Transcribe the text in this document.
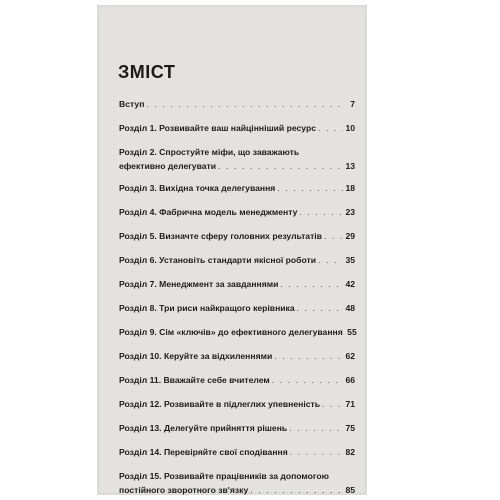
ЗМІСТ
Вступ . . .	7
Розділ 1. Розвивайте ваш найцінніший ресурс . . .	10
Розділ 2. Спростуйте міфи, що заважають
ефективно делегувати . . .	13
Розділ 3. Вихідна точка делегування . . .	18
Розділ 4. Фабрична модель менеджменту . . .	23
Розділ 5. Визначте сферу головних результатів . . .	29
Розділ 6. Установіть стандарти якісної роботи . . .	35
Розділ 7. Менеджмент за завданнями . . .	42
Розділ 8. Три риси найкращого керівника . . .	48
Розділ 9. Сім «ключів» до ефективного делегування 55
Розділ 10. Керуйте за відхиленнями . . .	62
Розділ 11. Вважайте себе вчителем . . .	66
Розділ 12. Розвивайте в підлеглих упевненість . . .	71
Розділ 13. Делегуйте прийняття рішень . . .	75
Розділ 14. Перевіряйте свої сподівання . . .	82
Розділ 15. Розвивайте працівників за допомогою
постійного зворотного зв'язку . . .	85
